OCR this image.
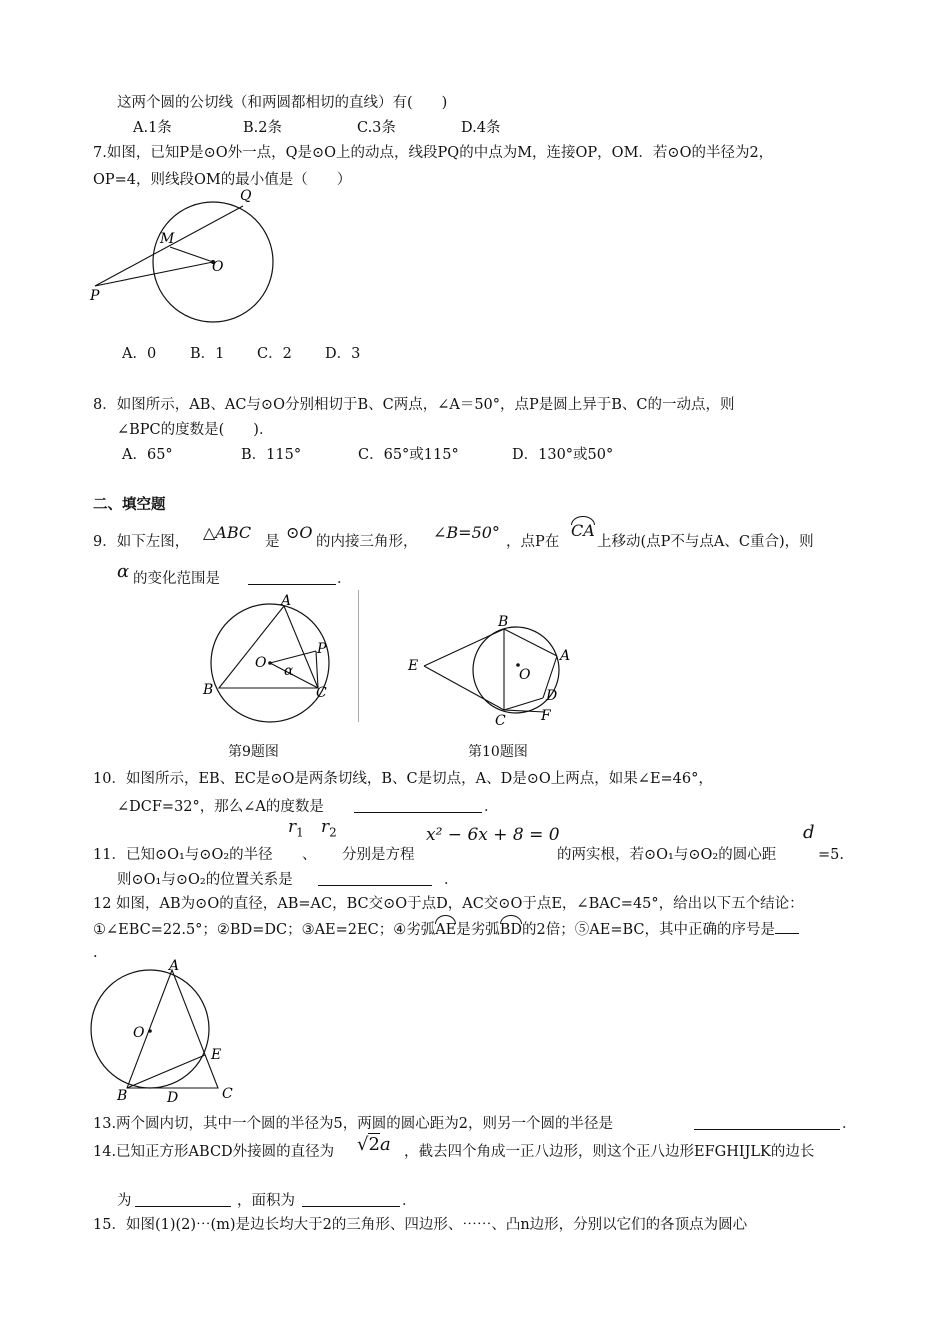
这两个圆的公切线（和两圆都相切的直线）有(　　)
A.1条	B.2条	C.3条	D.4条
7.如图，已知P是⊙O外一点，Q是⊙O上的动点，线段PQ的中点为M，连接OP，OM．若⊙O的半径为2，
OP=4，则线段OM的最小值是（　　）
Q
M
O
P
A．0 B．1 C．2 D．3
8．如图所示，AB、AC与⊙O分别相切于B、C两点，∠A＝50°，点P是圆上异于B、C的一动点，则
∠BPC的度数是(　　)．
A．65°	B．115°	C．65°或115°	D．130°或50°
二、填空题
9．如下左图， △ABC 是 ⊙O 的内接三角形， ∠B=50° ，点P在
CA
上移动(点P不与点A、C重合)，则
α 的变化范围是	．
A
B	C
O
P
α
第9题图
B
E
O
A
C
D
F
第10题图
10．如图所示，EB、EC是⊙O是两条切线，B、C是切点，A、D是⊙O上两点，如果∠E=46°，
∠DCF=32°，那么∠A的度数是	．
$r_1$ $r_2$	x² − 6x + 8 = 0	d
11．已知⊙O₁与⊙O₂的半径 、 分别是方程	的两实根，若⊙O₁与⊙O₂的圆心距	=5.
则⊙O₁与⊙O₂的位置关系是	．
12 如图，AB为⊙O的直径，AB=AC，BC交⊙O于点D，AC交⊙O于点E，∠BAC=45°，给出以下五个结论：
①∠EBC=22.5°；②BD=DC；③AE=2EC；④劣弧AE是劣弧BD的2倍；⑤AE=BC，其中正确的序号是
.
A
O
E
B	D	C
13.两个圆内切，其中一个圆的半径为5，两圆的圆心距为2，则另一个圆的半径是	．
14.已知正方形ABCD外接圆的直径为 √2a ，截去四个角成一正八边形，则这个正八边形EFGHIJLK的边长
为	，面积为	．
15．如图(1)(2)⋯(m)是边长均大于2的三角形、四边形、⋯⋯、凸n边形，分别以它们的各顶点为圆心
